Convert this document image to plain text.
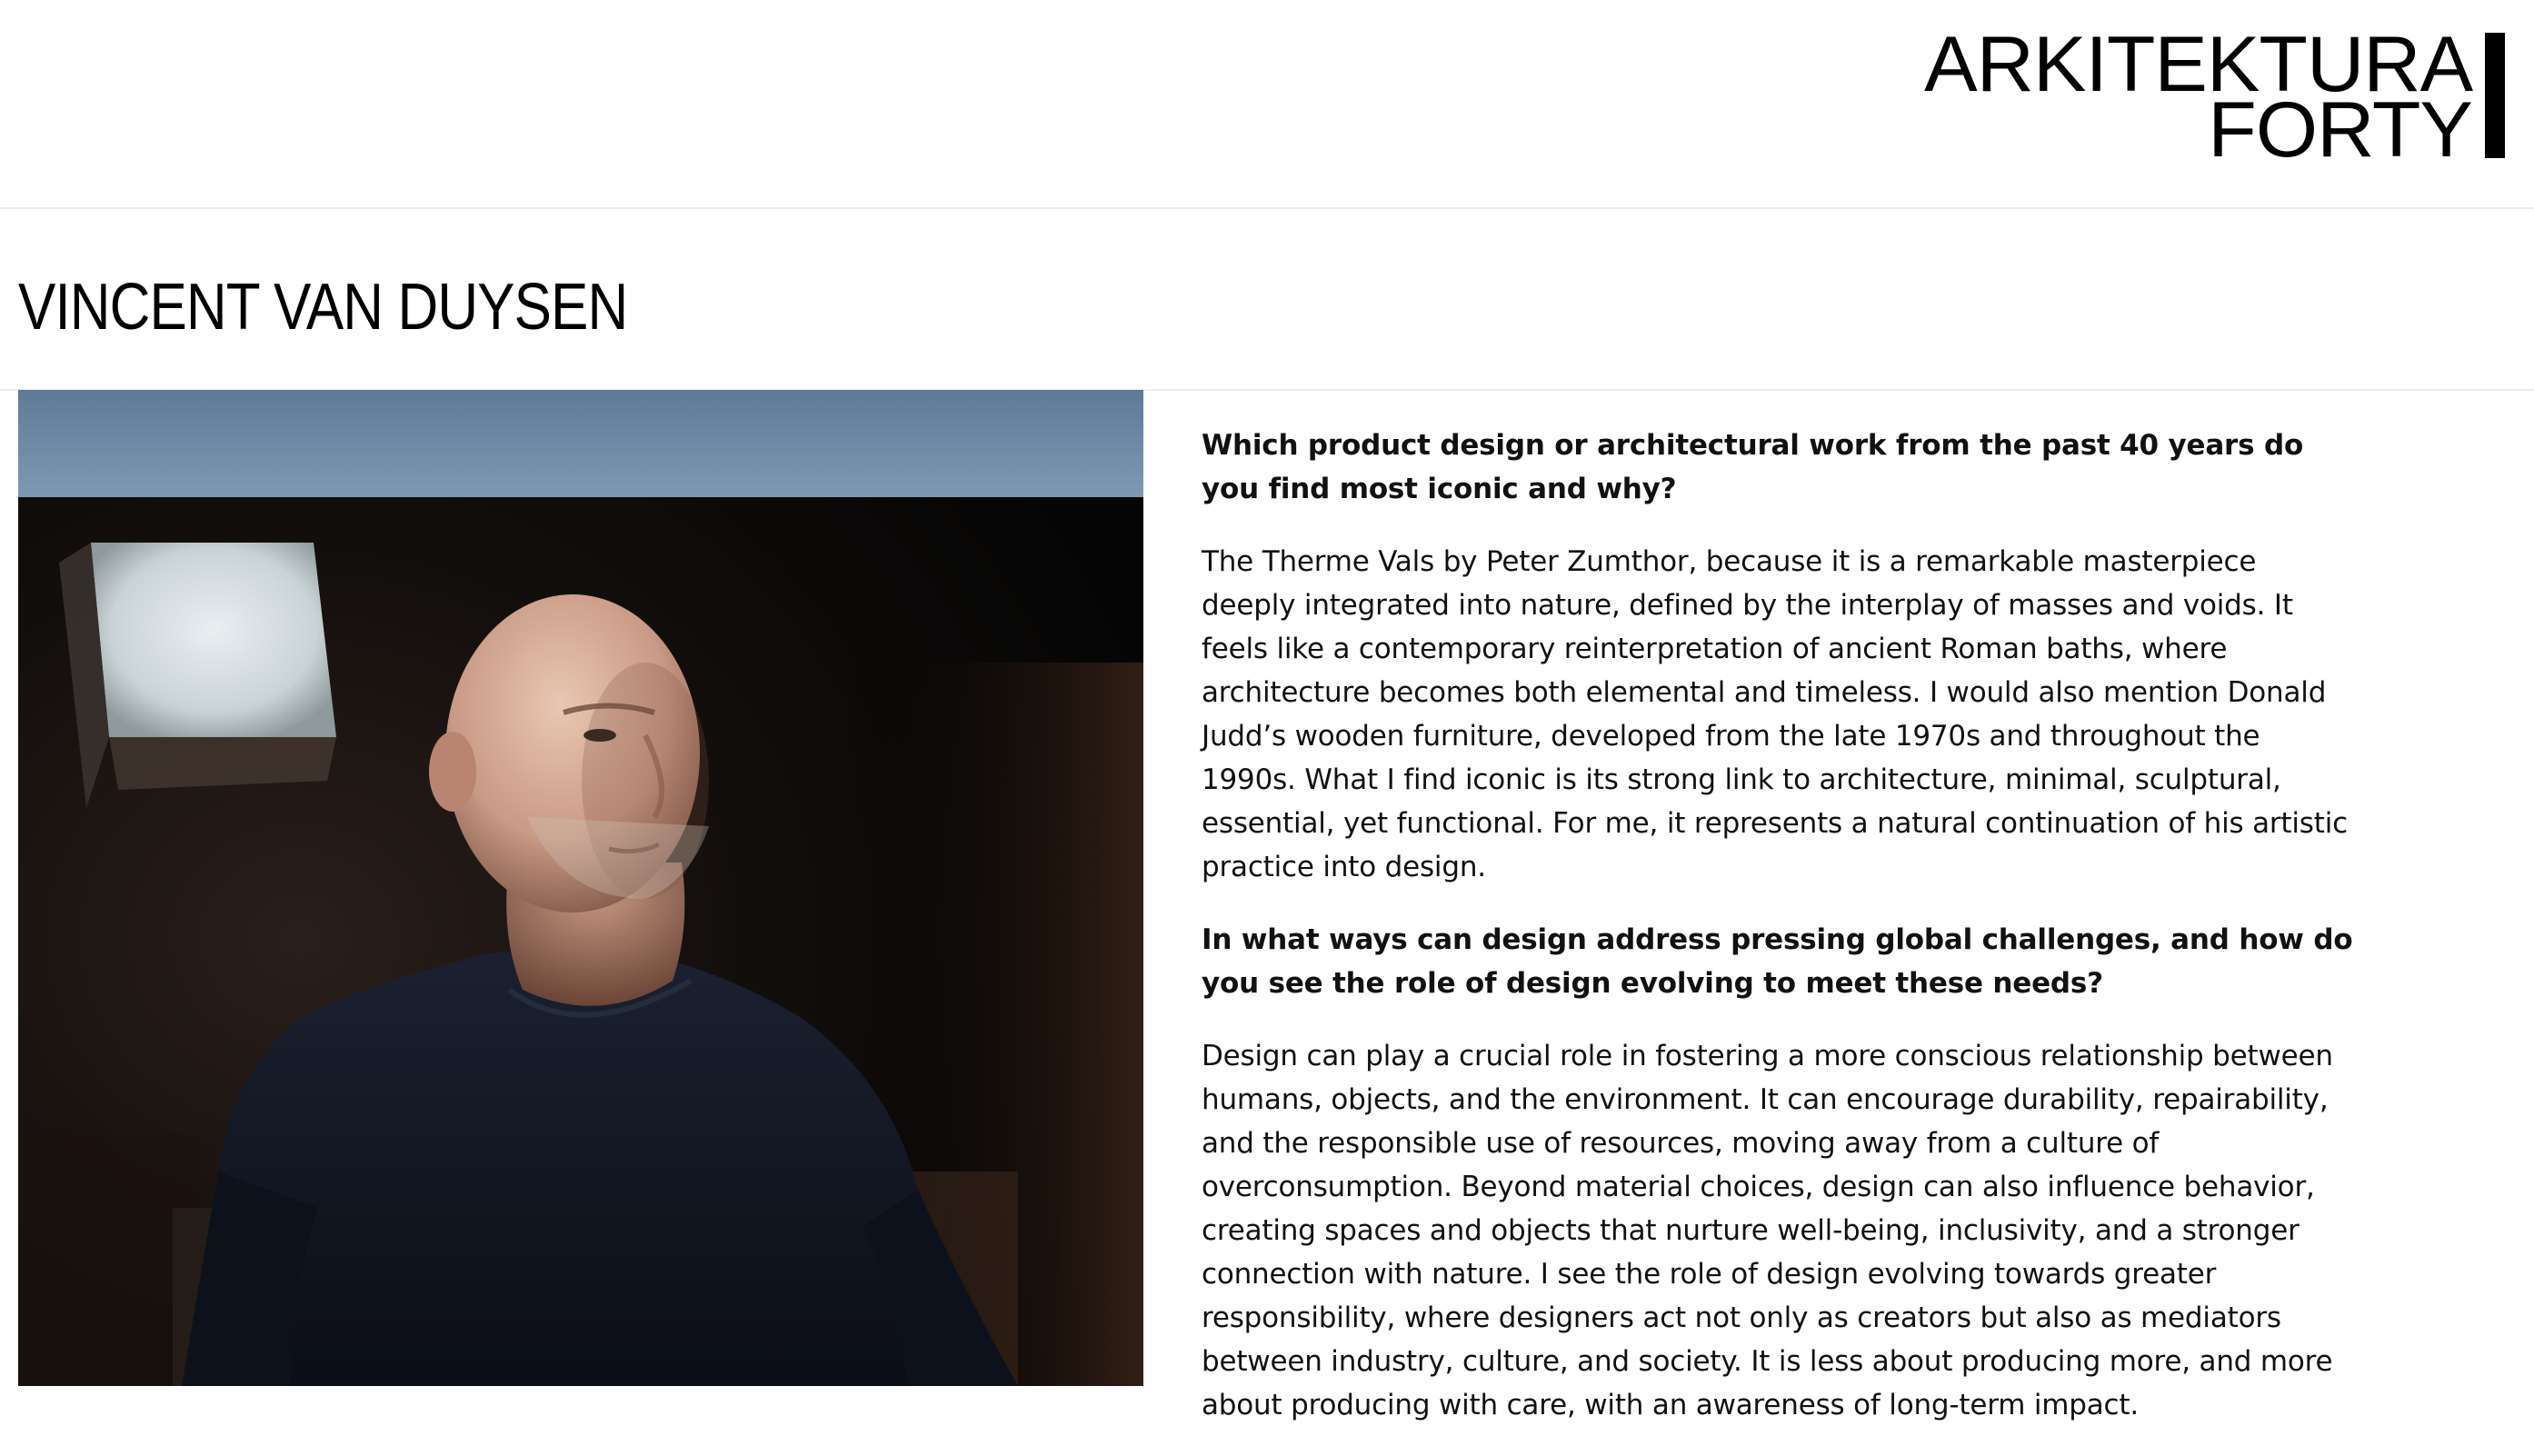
ARKITEKTURA
FORTY
VINCENT VAN DUYSEN

Which product design or architectural work from the past 40 years do you find most iconic and why?

The Therme Vals by Peter Zumthor, because it is a remarkable masterpiece deeply integrated into nature, defined by the interplay of masses and voids. It feels like a contemporary reinterpretation of ancient Roman baths, where architecture becomes both elemental and timeless. I would also mention Donald Judd’s wooden furniture, developed from the late 1970s and throughout the 1990s. What I find iconic is its strong link to architecture, minimal, sculptural, essential, yet functional. For me, it represents a natural continuation of his artistic practice into design.

In what ways can design address pressing global challenges, and how do you see the role of design evolving to meet these needs?

Design can play a crucial role in fostering a more conscious relationship between humans, objects, and the environment. It can encourage durability, repairability, and the responsible use of resources, moving away from a culture of overconsumption. Beyond material choices, design can also influence behavior, creating spaces and objects that nurture well-being, inclusivity, and a stronger connection with nature. I see the role of design evolving towards greater responsibility, where designers act not only as creators but also as mediators between industry, culture, and society. It is less about producing more, and more about producing with care, with an awareness of long-term impact.
